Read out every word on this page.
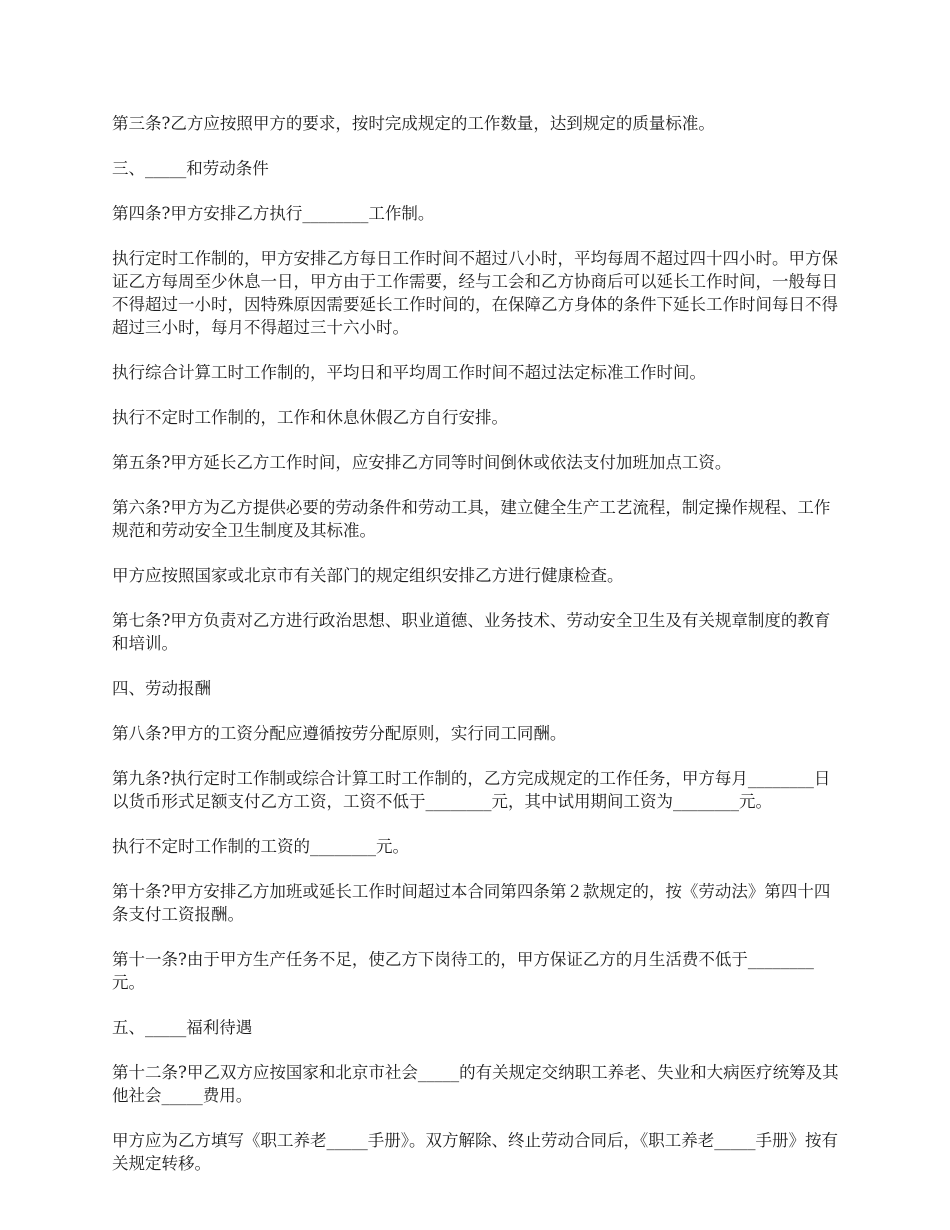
第三条?乙方应按照甲方的要求，按时完成规定的工作数量，达到规定的质量标准。

三、_____和劳动条件

第四条?甲方安排乙方执行________工作制。

执行定时工作制的，甲方安排乙方每日工作时间不超过八小时，平均每周不超过四十四小时。甲方保证乙方每周至少休息一日，甲方由于工作需要，经与工会和乙方协商后可以延长工作时间，一般每日不得超过一小时，因特殊原因需要延长工作时间的，在保障乙方身体的条件下延长工作时间每日不得超过三小时，每月不得超过三十六小时。

执行综合计算工时工作制的，平均日和平均周工作时间不超过法定标准工作时间。

执行不定时工作制的，工作和休息休假乙方自行安排。

第五条?甲方延长乙方工作时间，应安排乙方同等时间倒休或依法支付加班加点工资。

第六条?甲方为乙方提供必要的劳动条件和劳动工具，建立健全生产工艺流程，制定操作规程、工作规范和劳动安全卫生制度及其标准。

甲方应按照国家或北京市有关部门的规定组织安排乙方进行健康检查。

第七条?甲方负责对乙方进行政治思想、职业道德、业务技术、劳动安全卫生及有关规章制度的教育和培训。

四、劳动报酬

第八条?甲方的工资分配应遵循按劳分配原则，实行同工同酬。

第九条?执行定时工作制或综合计算工时工作制的，乙方完成规定的工作任务，甲方每月________日以货币形式足额支付乙方工资，工资不低于________元，其中试用期间工资为________元。

执行不定时工作制的工资的________元。

第十条?甲方安排乙方加班或延长工作时间超过本合同第四条第２款规定的，按《劳动法》第四十四条支付工资报酬。

第十一条?由于甲方生产任务不足，使乙方下岗待工的，甲方保证乙方的月生活费不低于________元。

五、_____福利待遇

第十二条?甲乙双方应按国家和北京市社会_____的有关规定交纳职工养老、失业和大病医疗统筹及其他社会_____费用。

甲方应为乙方填写《职工养老_____手册》。双方解除、终止劳动合同后，《职工养老_____手册》按有关规定转移。
